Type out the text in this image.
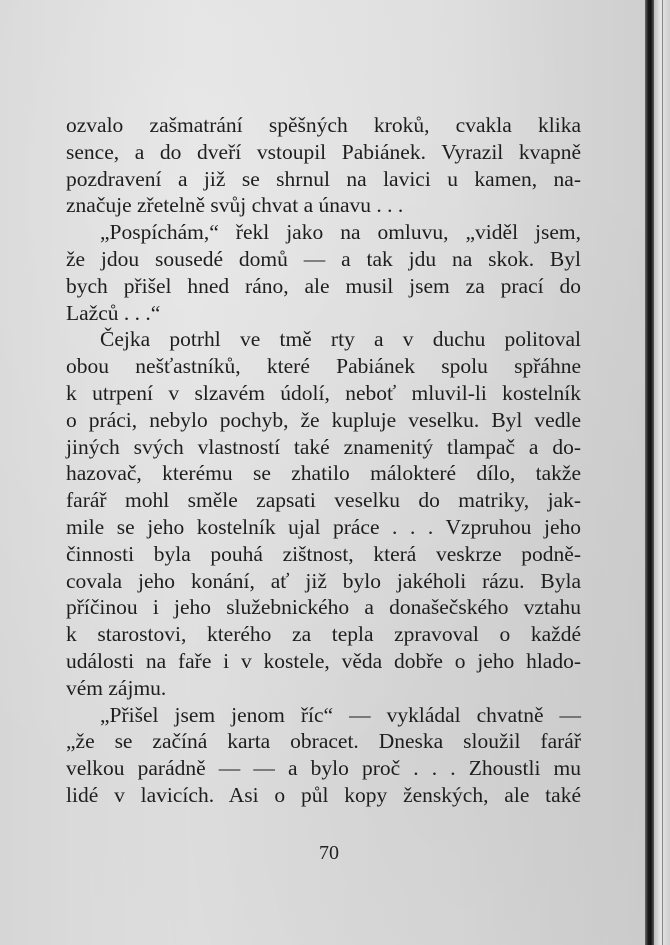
ozvalo zašmatrání spěšných kroků, cvakla klika
sence, a do dveří vstoupil Pabiánek. Vyrazil kvapně
pozdravení a již se shrnul na lavici u kamen, na-
značuje zřetelně svůj chvat a únavu . . .
„Pospíchám,“ řekl jako na omluvu, „viděl jsem,
že jdou sousedé domů — a tak jdu na skok. Byl
bych přišel hned ráno, ale musil jsem za prací do
Lažců . . .“
Čejka potrhl ve tmě rty a v duchu politoval
obou nešťastníků, které Pabiánek spolu spřáhne
k utrpení v slzavém údolí, neboť mluvil-li kostelník
o práci, nebylo pochyb, že kupluje veselku. Byl vedle
jiných svých vlastností také znamenitý tlampač a do-
hazovač, kterému se zhatilo málokteré dílo, takže
farář mohl směle zapsati veselku do matriky, jak-
mile se jeho kostelník ujal práce . . . Vzpruhou jeho
činnosti byla pouhá zištnost, která veskrze podně-
covala jeho konání, ať již bylo jakéholi rázu. Byla
příčinou i jeho služebnického a donašečského vztahu
k starostovi, kterého za tepla zpravoval o každé
události na faře i v kostele, věda dobře o jeho hlado-
vém zájmu.
„Přišel jsem jenom říc“ — vykládal chvatně —
„že se začíná karta obracet. Dneska sloužil farář
velkou parádně — — a bylo proč . . . Zhoustli mu
lidé v lavicích. Asi o půl kopy ženských, ale také
70
